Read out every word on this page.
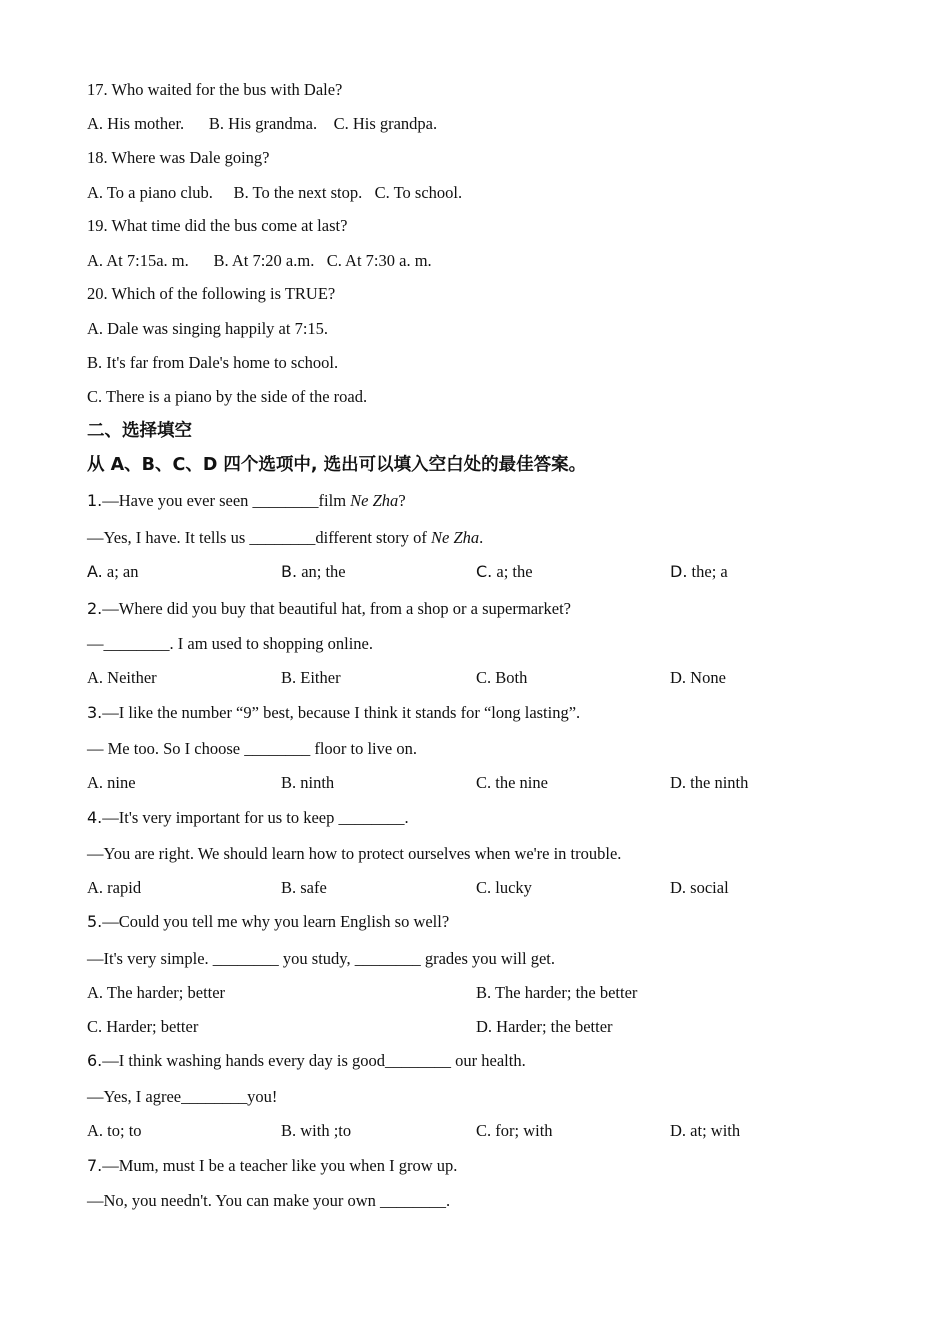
17. Who waited for the bus with Dale?
A. His mother.      B. His grandma.    C. His grandpa.
18. Where was Dale going?
A. To a piano club.     B. To the next stop.   C. To school.
19. What time did the bus come at last?
A. At 7:15a. m.      B. At 7:20 a.m.   C. At 7:30 a. m.
20. Which of the following is TRUE?
A. Dale was singing happily at 7:15.
B. It's far from Dale's home to school.
C. There is a piano by the side of the road.
二、选择填空
从 A、B、C、D 四个选项中, 选出可以填入空白处的最佳答案。
1.—Have you ever seen ________film Ne Zha?
—Yes, I have. It tells us ________different story of Ne Zha.
A. a; an	B. an; the	C. a; the	D. the; a
2.—Where did you buy that beautiful hat, from a shop or a supermarket?
—________. I am used to shopping online.
A. Neither	B. Either	C. Both	D. None
3.—I like the number “9” best, because I think it stands for “long lasting”.
— Me too. So I choose ________ floor to live on.
A. nine	B. ninth	C. the nine	D. the ninth
4.—It's very important for us to keep ________.
—You are right. We should learn how to protect ourselves when we're in trouble.
A. rapid	B. safe	C. lucky	D. social
5.—Could you tell me why you learn English so well?
—It's very simple. ________ you study, ________ grades you will get.
A. The harder; better	B. The harder; the better
C. Harder; better	D. Harder; the better
6.—I think washing hands every day is good________ our health.
—Yes, I agree________you!
A. to; to	B. with ;to	C. for; with	D. at; with
7.—Mum, must I be a teacher like you when I grow up.
—No, you needn't. You can make your own ________.
